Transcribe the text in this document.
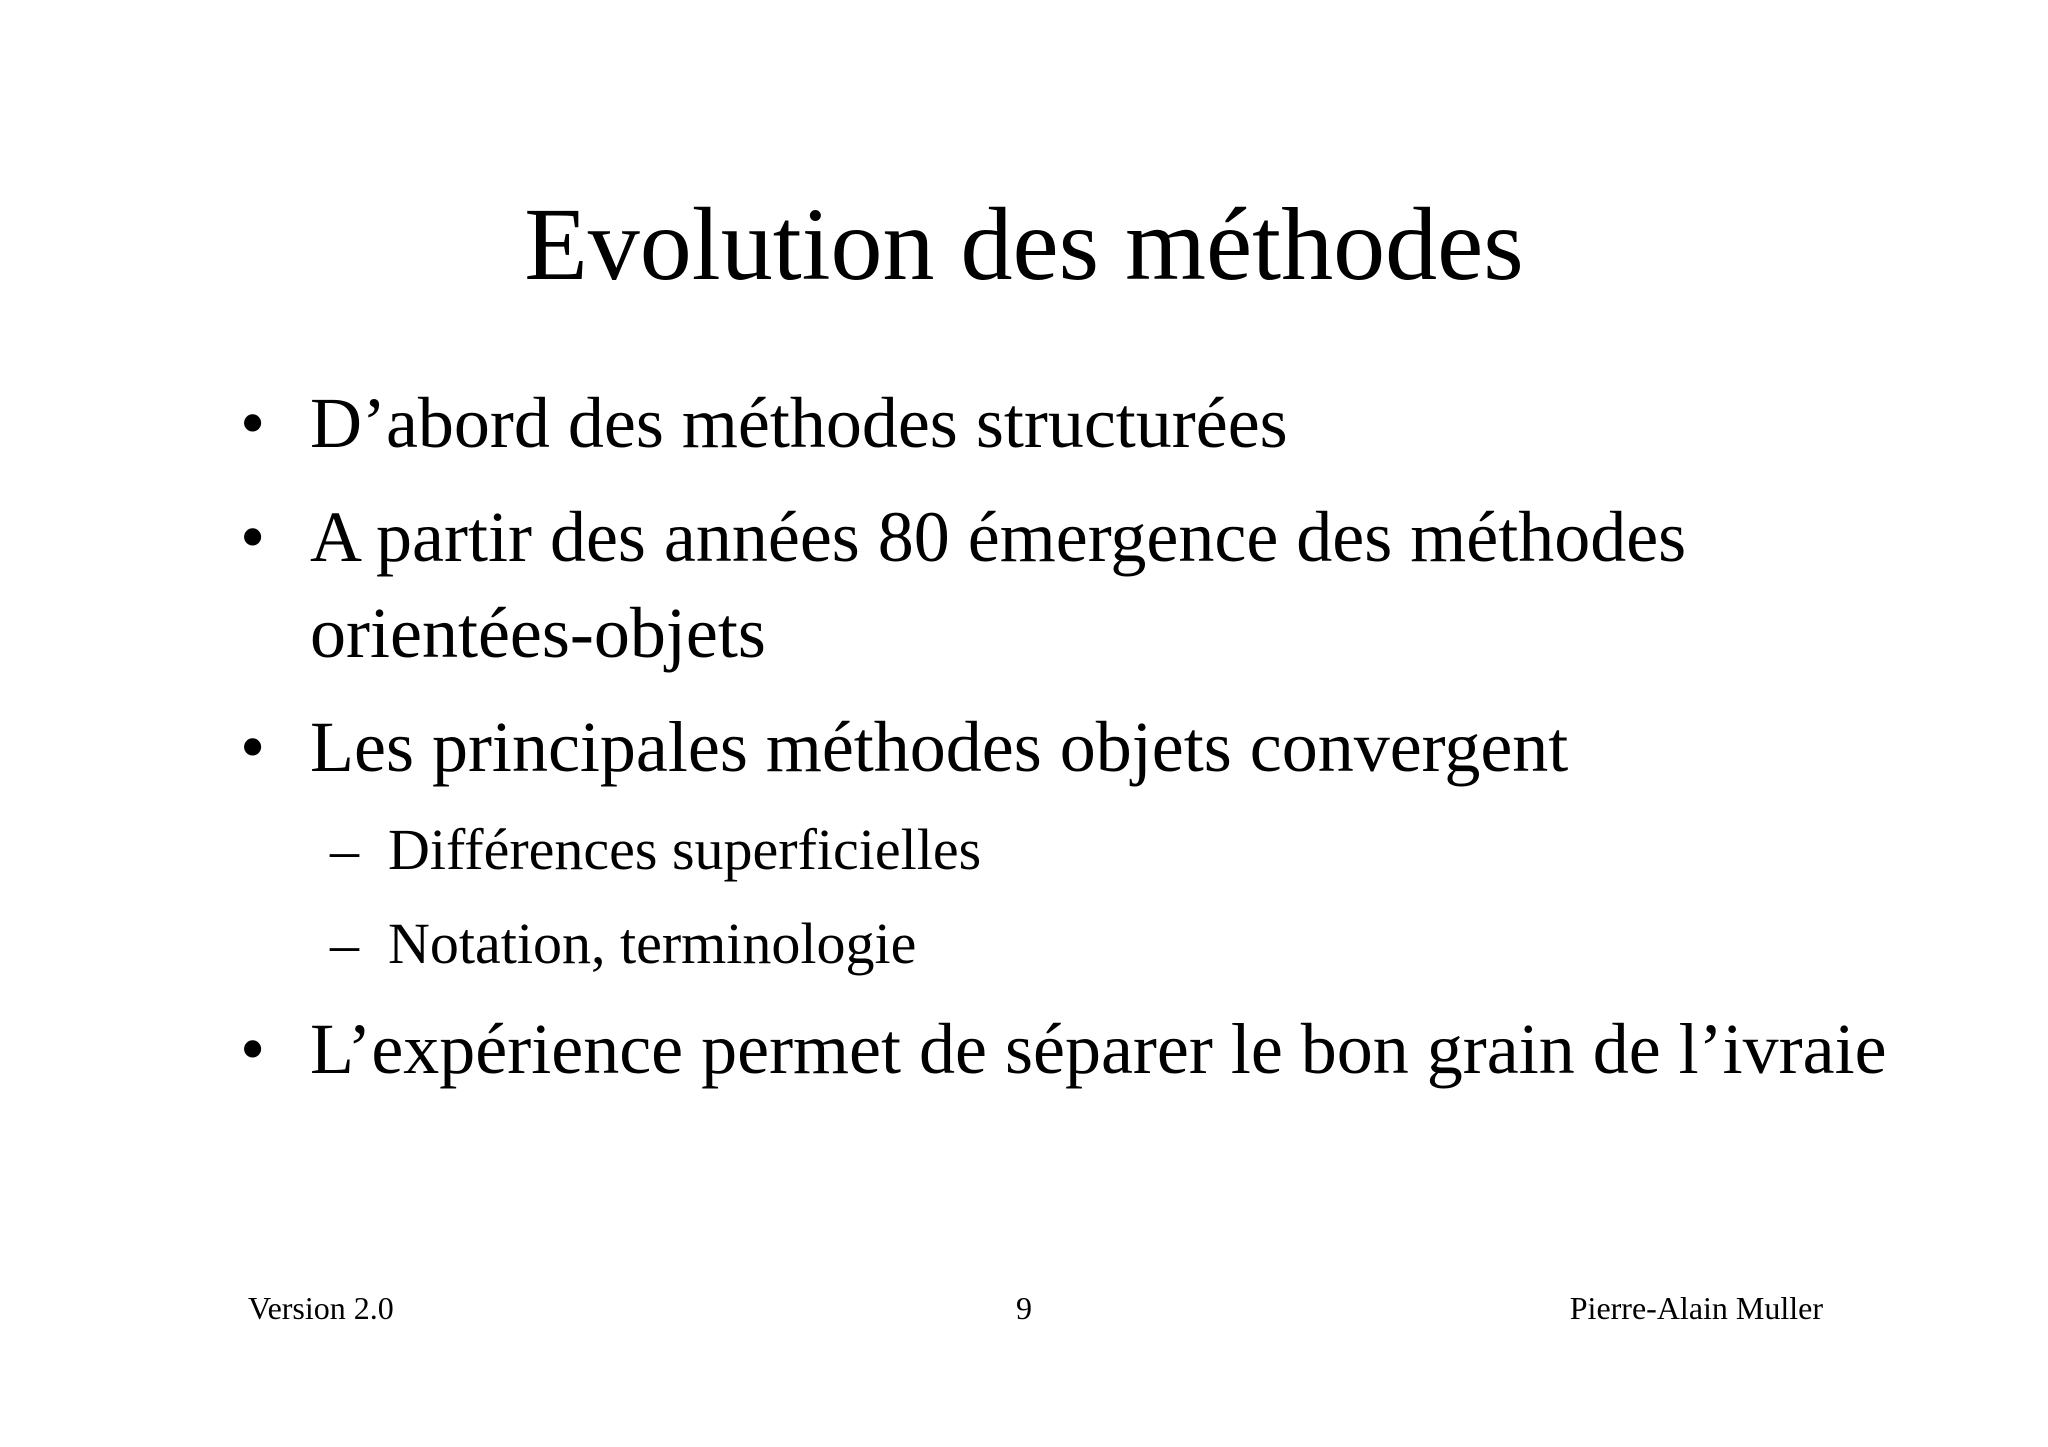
Evolution des méthodes
• D’abord des méthodes structurées
• A partir des années 80 émergence des méthodes orientées-objets
• Les principales méthodes objets convergent
– Différences superficielles
– Notation, terminologie
• L’expérience permet de séparer le bon grain de l’ivraie
Version 2.0	9	Pierre-Alain Muller
